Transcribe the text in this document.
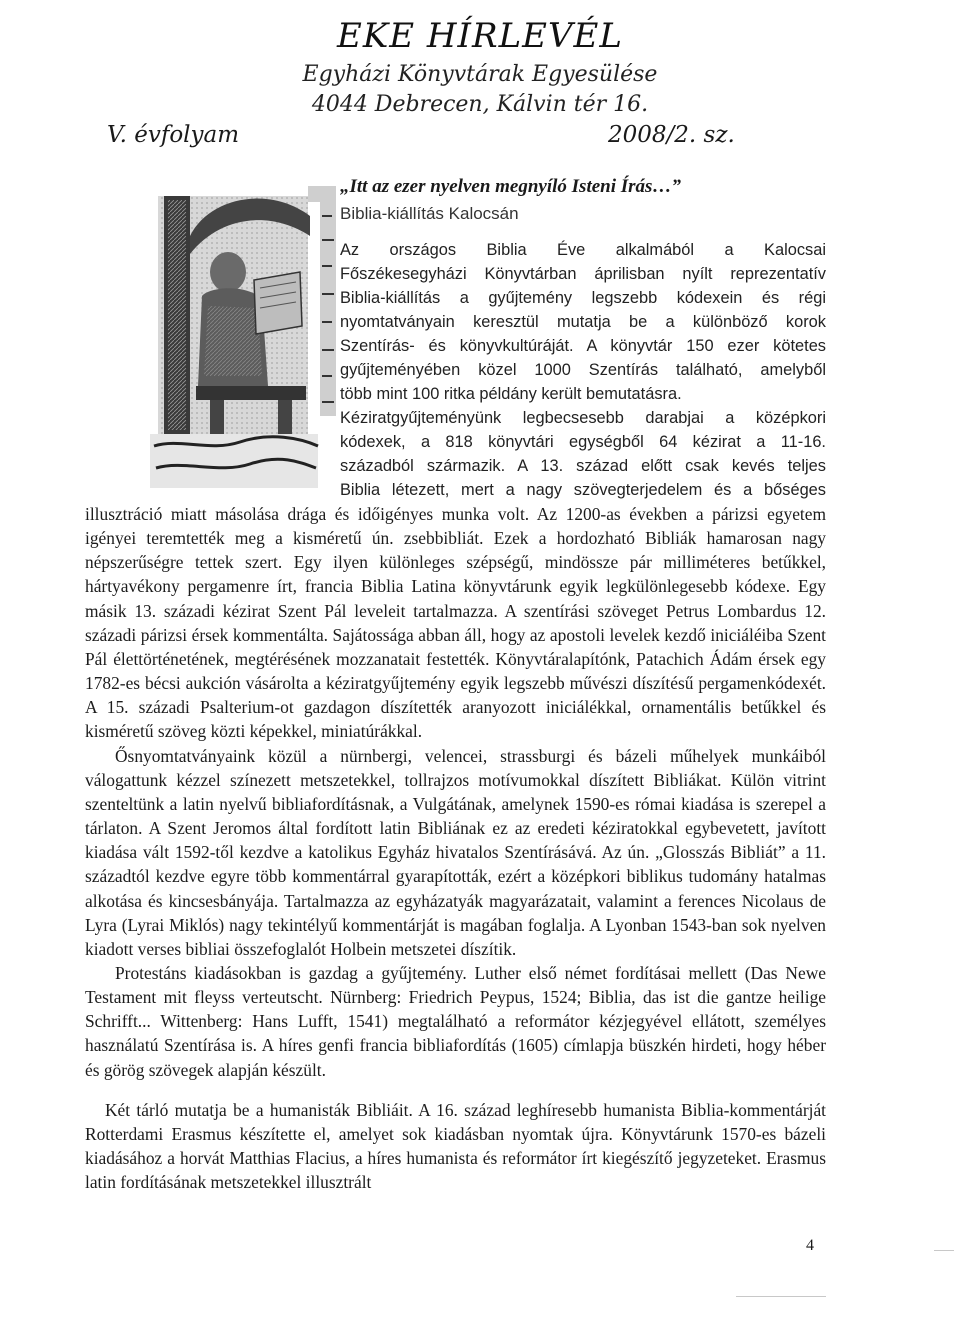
EKE HÍRLEVÉL
Egyházi Könyvtárak Egyesülése
4044 Debrecen, Kálvin tér 16.
V. évfolyam	2008/2. sz.
„Itt az ezer nyelven megnyíló Isteni Írás…”
Biblia-kiállítás Kalocsán
Az országos Biblia Éve alkalmából a Kalocsai
Főszékesegyházi Könyvtárban áprilisban nyílt reprezentatív
Biblia-kiállítás a gyűjtemény legszebb kódexein és régi
nyomtatványain keresztül mutatja be a különböző korok
Szentírás- és könyvkultúráját. A könyvtár 150 ezer kötetes
gyűjteményében közel 1000 Szentírás található, amelyből
több mint 100 ritka példány került bemutatásra.
Kéziratgyűjteményünk legbecsesebb darabjai a középkori
kódexek, a 818 könyvtári egységből 64 kézirat a 11-16.
századból származik. A 13. század előtt csak kevés teljes
Biblia létezett, mert a nagy szövegterjedelem és a bőséges

illusztráció miatt másolása drága és időigényes munka volt. Az 1200-as években a párizsi egyetem igényei teremtették meg a kisméretű ún. zsebbibliát. Ezek a hordozható Bibliák hamarosan nagy népszerűségre tettek szert. Egy ilyen különleges szépségű, mindössze pár milliméteres betűkkel, hártyavékony pergamenre írt, francia Biblia Latina könyvtárunk egyik legkülönlegesebb kódexe. Egy másik 13. századi kézirat Szent Pál leveleit tartalmazza. A szentírási szöveget Petrus Lombardus 12. századi párizsi érsek kommentálta. Sajátossága abban áll, hogy az apostoli levelek kezdő iniciáléiba Szent Pál élettörténetének, megtérésének mozzanatait festették. Könyvtáralapítónk, Patachich Ádám érsek egy 1782-es bécsi aukción vásárolta a kéziratgyűjtemény egyik legszebb művészi díszítésű pergamenkódexét. A 15. századi Psalterium-ot gazdagon díszítették aranyozott iniciálékkal, ornamentális betűkkel és kisméretű szöveg közti képekkel, miniatúrákkal.

Ősnyomtatványaink közül a nürnbergi, velencei, strassburgi és bázeli műhelyek munkáiból válogattunk kézzel színezett metszetekkel, tollrajzos motívumokkal díszített Bibliákat. Külön vitrint szenteltünk a latin nyelvű bibliafordításnak, a Vulgátának, amelynek 1590-es római kiadása is szerepel a tárlaton. A Szent Jeromos által fordított latin Bibliának ez az eredeti kéziratokkal egybevetett, javított kiadása vált 1592-től kezdve a katolikus Egyház hivatalos Szentírásává. Az ún. „Glosszás Bibliát” a 11. századtól kezdve egyre több kommentárral gyarapították, ezért a középkori biblikus tudomány hatalmas alkotása és kincsesbányája. Tartalmazza az egyházatyák magyarázatait, valamint a ferences Nicolaus de Lyra (Lyrai Miklós) nagy tekintélyű kommentárját is magában foglalja. A Lyonban 1543-ban sok nyelven kiadott verses bibliai összefoglalót Holbein metszetei díszítik.

Protestáns kiadásokban is gazdag a gyűjtemény. Luther első német fordításai mellett (Das Newe Testament mit fleyss verteutscht. Nürnberg: Friedrich Peypus, 1524; Biblia, das ist die gantze heilige Schrifft... Wittenberg: Hans Lufft, 1541) megtalálható a reformátor kézjegyével ellátott, személyes használatú Szentírása is. A híres genfi francia bibliafordítás (1605) címlapja büszkén hirdeti, hogy héber és görög szövegek alapján készült.

Két tárló mutatja be a humanisták Bibliáit. A 16. század leghíresebb humanista Biblia-kommentárját Rotterdami Erasmus készítette el, amelyet sok kiadásban nyomtak újra. Könyvtárunk 1570-es bázeli kiadásához a horvát Matthias Flacius, a híres humanista és reformátor írt kiegészítő jegyzeteket. Erasmus latin fordításának metszetekkel illusztrált

4
